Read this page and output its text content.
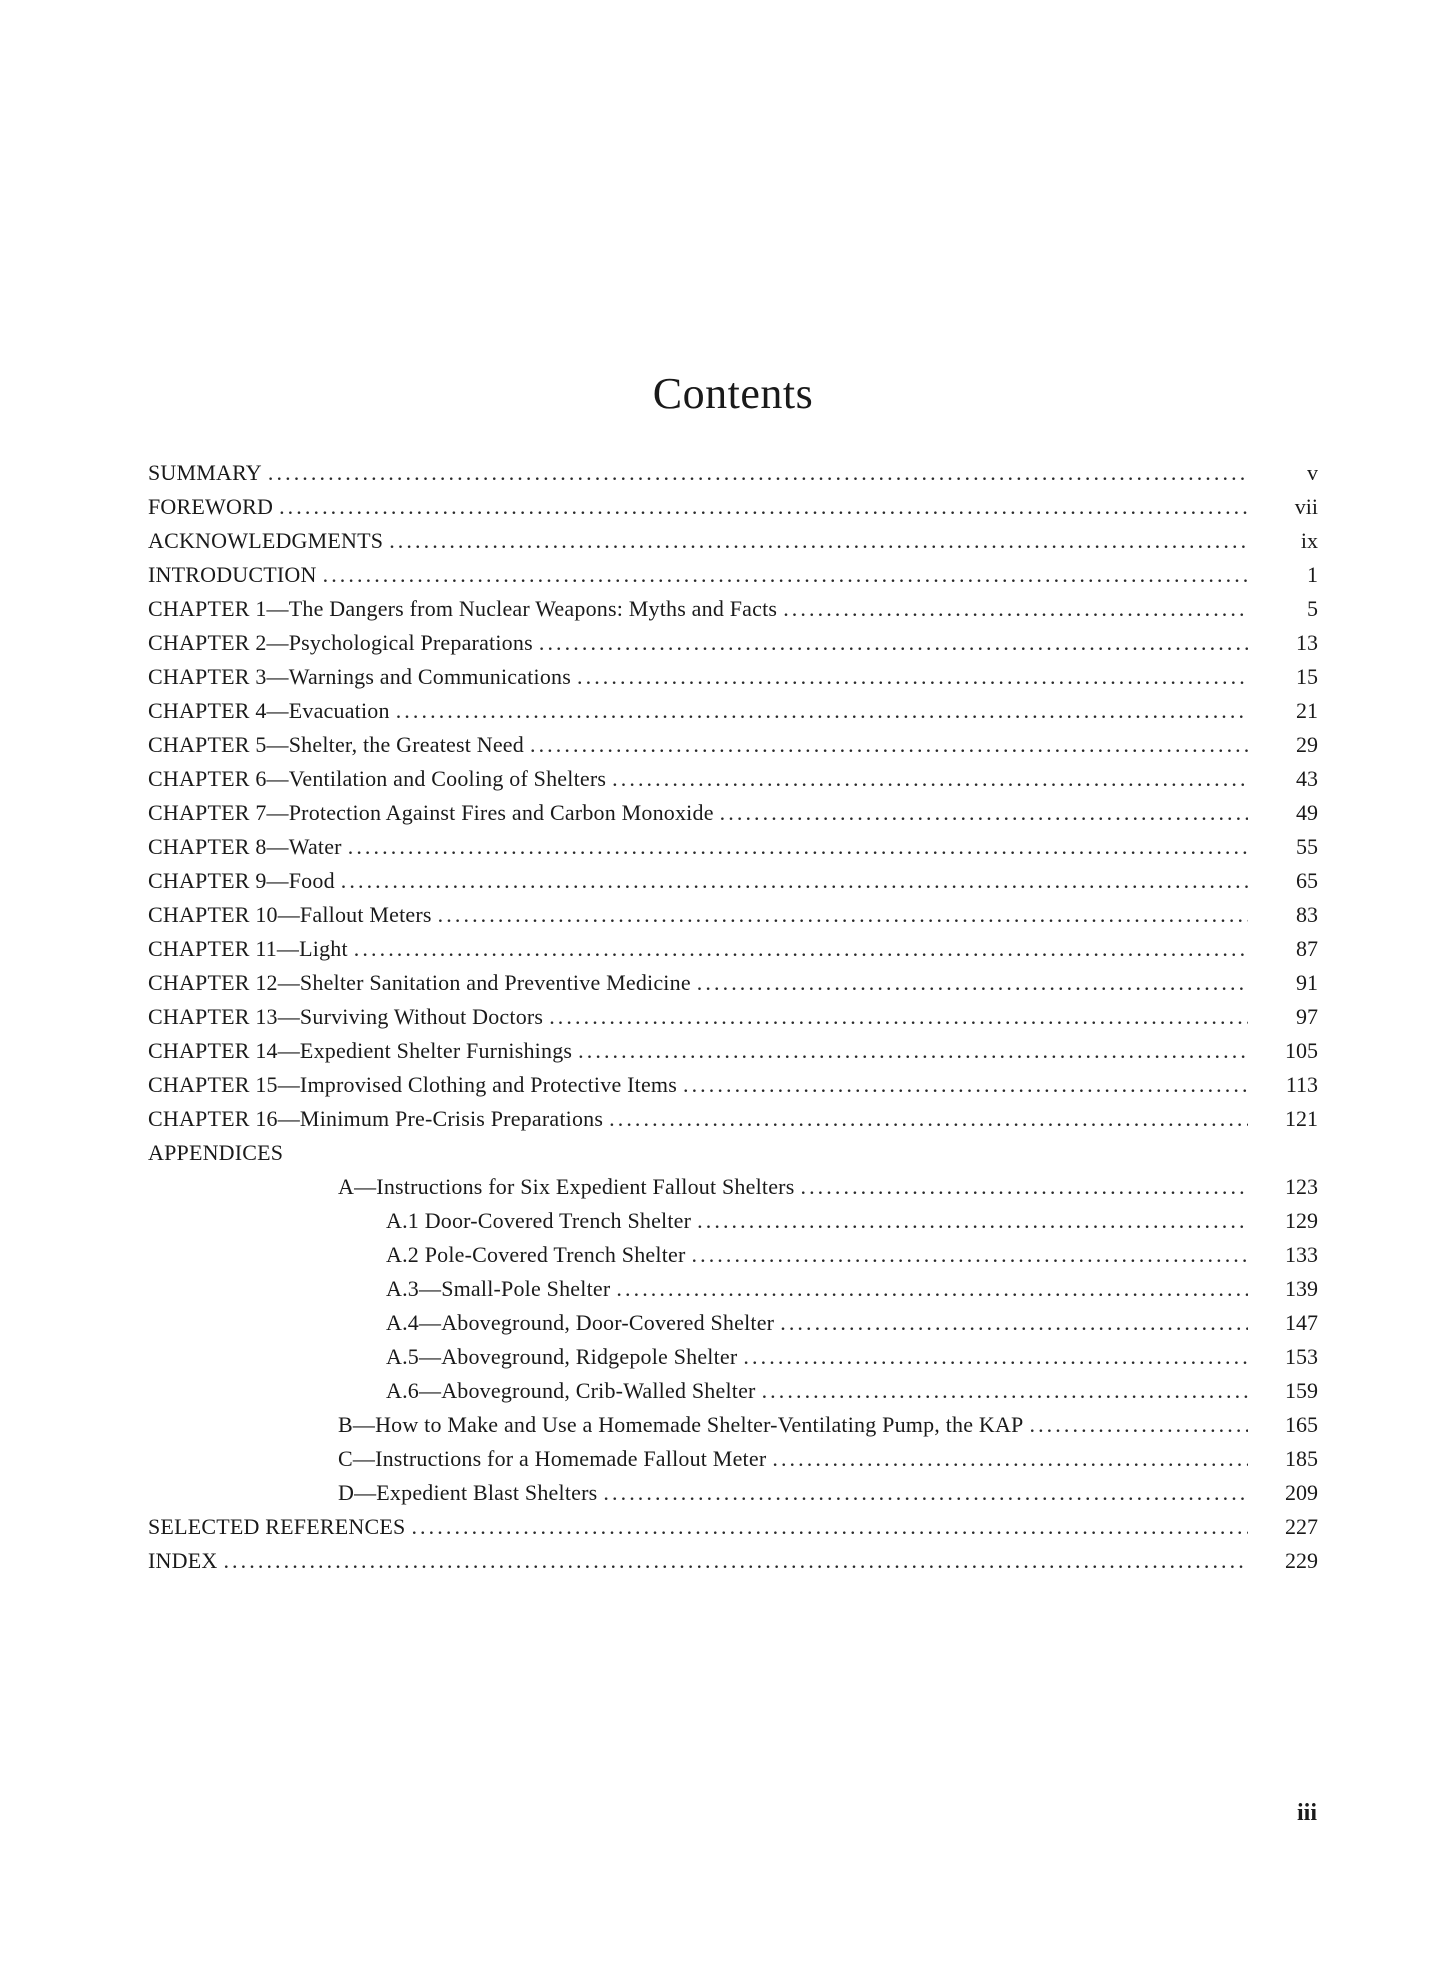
Contents
SUMMARY . . .	v
FOREWORD . . .	vii
ACKNOWLEDGMENTS . . .	ix
INTRODUCTION . . .	1
CHAPTER 1—The Dangers from Nuclear Weapons: Myths and Facts . . .	5
CHAPTER 2—Psychological Preparations . . .	13
CHAPTER 3—Warnings and Communications . . .	15
CHAPTER 4—Evacuation . . .	21
CHAPTER 5—Shelter, the Greatest Need . . .	29
CHAPTER 6—Ventilation and Cooling of Shelters . . .	43
CHAPTER 7—Protection Against Fires and Carbon Monoxide . . .	49
CHAPTER 8—Water . . .	55
CHAPTER 9—Food . . .	65
CHAPTER 10—Fallout Meters . . .	83
CHAPTER 11—Light . . .	87
CHAPTER 12—Shelter Sanitation and Preventive Medicine . . .	91
CHAPTER 13—Surviving Without Doctors . . .	97
CHAPTER 14—Expedient Shelter Furnishings . . .	105
CHAPTER 15—Improvised Clothing and Protective Items . . .	113
CHAPTER 16—Minimum Pre-Crisis Preparations . . .	121
APPENDICES
A—Instructions for Six Expedient Fallout Shelters . . .	123
A.1 Door-Covered Trench Shelter . . .	129
A.2 Pole-Covered Trench Shelter . . .	133
A.3—Small-Pole Shelter . . .	139
A.4—Aboveground, Door-Covered Shelter . . .	147
A.5—Aboveground, Ridgepole Shelter . . .	153
A.6—Aboveground, Crib-Walled Shelter . . .	159
B—How to Make and Use a Homemade Shelter-Ventilating Pump, the KAP . . .	165
C—Instructions for a Homemade Fallout Meter . . .	185
D—Expedient Blast Shelters . . .	209
SELECTED REFERENCES . . .	227
INDEX . . .	229
iii
